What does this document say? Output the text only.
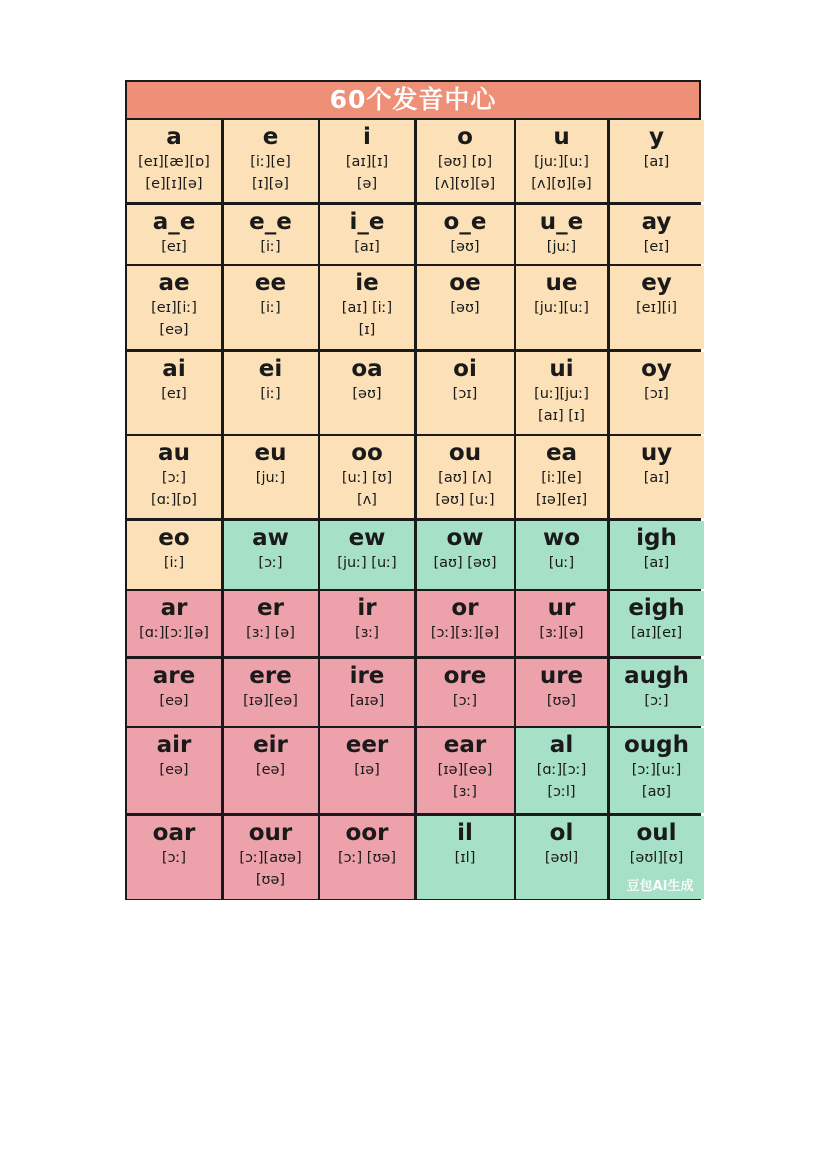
60个发音中心
a
[eɪ][æ][ɒ]
[e][ɪ][ə]
e
[iː][e]
[ɪ][ə]
i
[aɪ][ɪ]
[ə]
o
[əʊ] [ɒ]
[ʌ][ʊ][ə]
u
[juː][uː]
[ʌ][ʊ][ə]
y
[aɪ]
a_e
[eɪ]
e_e
[iː]
i_e
[aɪ]
o_e
[əʊ]
u_e
[juː]
ay
[eɪ]
ae
[eɪ][iː]
[eə]
ee
[iː]
ie
[aɪ] [iː]
[ɪ]
oe
[əʊ]
ue
[juː][uː]
ey
[eɪ][i]
ai
[eɪ]
ei
[iː]
oa
[əʊ]
oi
[ɔɪ]
ui
[uː][juː]
[aɪ] [ɪ]
oy
[ɔɪ]
au
[ɔː]
[ɑː][ɒ]
eu
[juː]
oo
[uː] [ʊ]
[ʌ]
ou
[aʊ] [ʌ]
[əʊ] [uː]
ea
[iː][e]
[ɪə][eɪ]
uy
[aɪ]
eo
[iː]
aw
[ɔː]
ew
[juː] [uː]
ow
[aʊ] [əʊ]
wo
[uː]
igh
[aɪ]
ar
[ɑː][ɔː][ə]
er
[ɜː] [ə]
ir
[ɜː]
or
[ɔː][ɜː][ə]
ur
[ɜː][ə]
eigh
[aɪ][eɪ]
are
[eə]
ere
[ɪə][eə]
ire
[aɪə]
ore
[ɔː]
ure
[ʊə]
augh
[ɔː]
air
[eə]
eir
[eə]
eer
[ɪə]
ear
[ɪə][eə]
[ɜː]
al
[ɑː][ɔː]
[ɔːl]
ough
[ɔː][uː]
[aʊ]
oar
[ɔː]
our
[ɔː][aʊə]
[ʊə]
oor
[ɔː] [ʊə]
il
[ɪl]
ol
[əʊl]
oul
[əʊl][ʊ]
豆包AI生成
